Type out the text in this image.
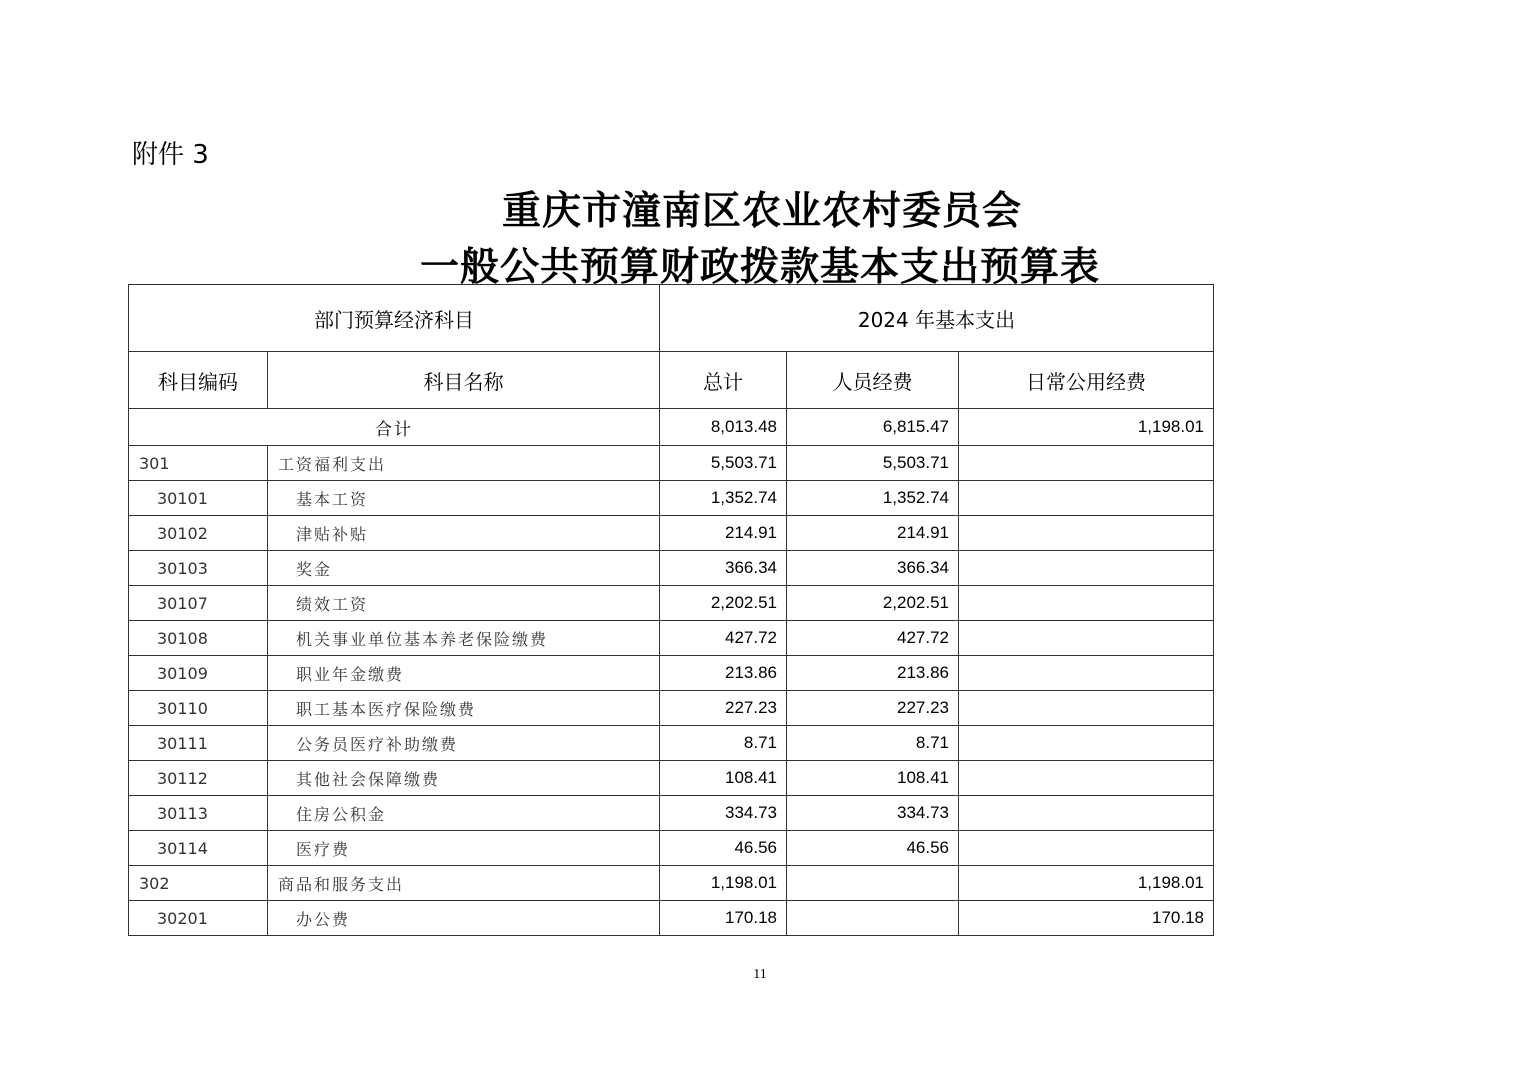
附件 3
重庆市潼南区农业农村委员会
一般公共预算财政拨款基本支出预算表
部门预算经济科目		2024 年基本支出		
科目编码	科目名称	总计	人员经费	日常公用经费
合计		8,013.48	6,815.47	1,198.01
301	工资福利支出	5,503.71	5,503.71	
30101	基本工资	1,352.74	1,352.74	
30102	津贴补贴	214.91	214.91	
30103	奖金	366.34	366.34	
30107	绩效工资	2,202.51	2,202.51	
30108	机关事业单位基本养老保险缴费	427.72	427.72	
30109	职业年金缴费	213.86	213.86	
30110	职工基本医疗保险缴费	227.23	227.23	
30111	公务员医疗补助缴费	8.71	8.71	
30112	其他社会保障缴费	108.41	108.41	
30113	住房公积金	334.73	334.73	
30114	医疗费	46.56	46.56	
302	商品和服务支出	1,198.01		1,198.01
30201	办公费	170.18		170.18
11
